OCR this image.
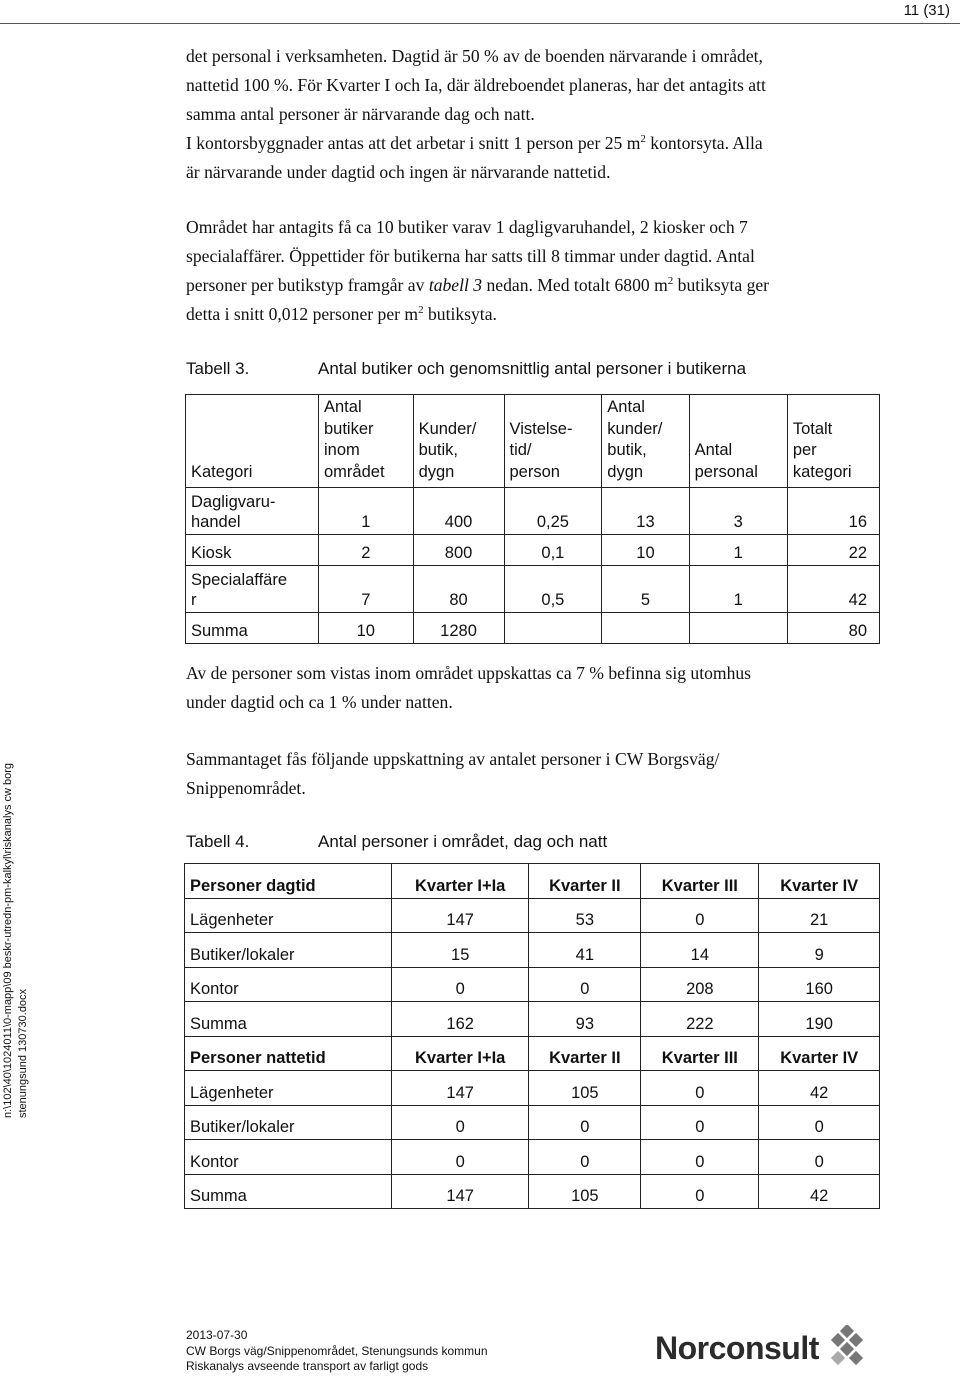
11 (31)

det personal i verksamheten. Dagtid är 50 % av de boenden närvarande i området,
nattetid 100 %. För Kvarter I och Ia, där äldreboendet planeras, har det antagits att
samma antal personer är närvarande dag och natt.
I kontorsbyggnader antas att det arbetar i snitt 1 person per 25 $m^2$ kontorsyta. Alla
är närvarande under dagtid och ingen är närvarande nattetid.

Området har antagits få ca 10 butiker varav 1 dagligvaruhandel, 2 kiosker och 7
specialaffärer. Öppettider för butikerna har satts till 8 timmar under dagtid. Antal
personer per butikstyp framgår av tabell 3 nedan. Med totalt 6800 $m^2$ butiksyta ger
detta i snitt 0,012 personer per $m^2$ butiksyta.

Tabell 3.	Antal butiker och genomsnittlig antal personer i butikerna
Kategori	Antal
butiker
inom
området	Kunder/
butik,
dygn	Vistelse-
tid/
person	Antal
kunder/
butik,
dygn	Antal
personal	Totalt
per
kategori
Dagligvaru-
handel	1	400	0,25	13	3	16
Kiosk	2	800	0,1	10	1	22
Specialaffäre
r	7	80	0,5	5	1	42
Summa	10	1280				80

Av de personer som vistas inom området uppskattas ca 7 % befinna sig utomhus
under dagtid och ca 1 % under natten.

Sammantaget fås följande uppskattning av antalet personer i CW Borgsväg/
Snippenområdet.

Tabell 4.	Antal personer i området, dag och natt
Personer dagtid	Kvarter I+Ia	Kvarter II	Kvarter III	Kvarter IV
Lägenheter	147	53	0	21
Butiker/lokaler	15	41	14	9
Kontor	0	0	208	160
Summa	162	93	222	190
Personer nattetid	Kvarter I+Ia	Kvarter II	Kvarter III	Kvarter IV
Lägenheter	147	105	0	42
Butiker/lokaler	0	0	0	0
Kontor	0	0	0	0
Summa	147	105	0	42
n:\102\40\1024011\0-mapp\09 beskr-utredn-pm-kalkyl\riskanalys cw borg stenungsund 130730.docx
2013-07-30
CW Borgs väg/Snippenområdet, Stenungsunds kommun
Riskanalys avseende transport av farligt gods	Norconsult
